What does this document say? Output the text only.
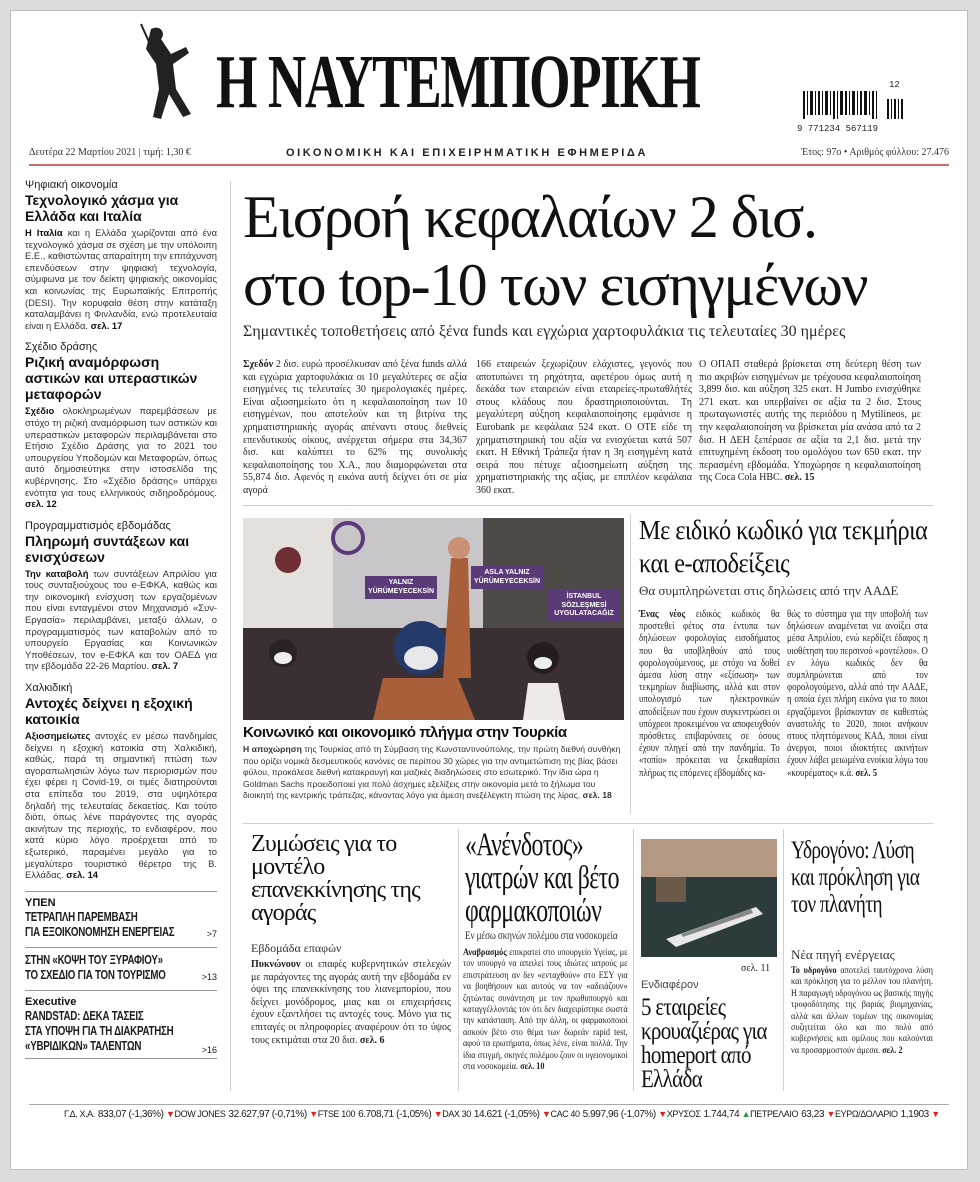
Η ΝΑΥΤΕΜΠΟΡΙΚΗ
9 771234 567119
12
Δευτέρα 22 Μαρτίου 2021 | τιμή: 1,30 €	ΟΙΚΟΝΟΜΙΚΗ ΚΑΙ ΕΠΙΧΕΙΡΗΜΑΤΙΚΗ ΕΦΗΜΕΡΙΔΑ	Έτος: 97ο • Αριθμός φύλλου: 27.476
Ψηφιακή οικονομία
Τεχνολογικό χάσμα για Ελλάδα και Ιταλία
Η Ιταλία και η Ελλάδα χωρίζονται από ένα τεχνολογικό χάσμα σε σχέση με την υπόλοιπη Ε.Ε., καθιστώντας απαραίτητη την επιτάχυνση επενδύσεων στην ψηφιακή τεχνολογία, σύμφωνα με τον δείκτη ψηφιακής οικονομίας και κοινωνίας της Ευρωπαϊκής Επιτροπής (DESI). Την κορυφαία θέση στην κατάταξη καταλαμβάνει η Φινλανδία, ενώ προτελευταία είναι η Ελλάδα. σελ. 17
Σχέδιο δράσης
Ριζική αναμόρφωση αστικών και υπεραστικών μεταφορών
Σχέδιο ολοκληρωμένων παρεμβάσεων με στόχο τη ριζική αναμόρφωση των αστικών και υπεραστικών μεταφορών περιλαμβάνεται στο Ετήσιο Σχέδιο Δράσης για το 2021 του υπουργείου Υποδομών και Μεταφορών, όπως αυτό δημοσιεύτηκε στην ιστοσελίδα της κυβέρνησης. Στο «Σχέδιο δράσης» υπάρχει ενότητα για τους ελληνικούς σιδηροδρόμους. σελ. 12
Προγραμματισμός εβδομάδας
Πληρωμή συντάξεων και ενισχύσεων
Την καταβολή των συντάξεων Απριλίου για τους συνταξιούχους του e-ΕΦΚΑ, καθώς και την οικονομική ενίσχυση των εργαζομένων που είναι ενταγμένοι στον Μηχανισμό «Συν-Εργασία» περιλαμβάνει, μεταξύ άλλων, ο προγραμματισμός των καταβολών από το υπουργείο Εργασίας και Κοινωνικών Υποθέσεων, τον e-ΕΦΚΑ και τον ΟΑΕΔ για την εβδομάδα 22-26 Μαρτίου. σελ. 7
Χαλκιδική
Αντοχές δείχνει η εξοχική κατοικία
Αξιοσημείωτες αντοχές εν μέσω πανδημίας δείχνει η εξοχική κατοικία στη Χαλκιδική, καθώς, παρά τη σημαντική πτώση των αγοραπωλησιών λόγω των περιορισμών που έχει φέρει η Covid-19, οι τιμές διατηρούνται στα επίπεδα του 2019, στα υψηλότερα δηλαδή της τελευταίας δεκαετίας. Και τούτο διότι, όπως λένε παράγοντες της αγοράς ακινήτων της περιοχής, το ενδιαφέρον, που κατά κύριο λόγο προέρχεται από το εξωτερικό, παραμένει μεγάλο για το μεγαλύτερο τουριστικό θέρετρο της Β. Ελλάδας. σελ. 14
ΥΠΕΝ
ΤΕΤΡΑΠΛΗ ΠΑΡΕΜΒΑΣΗ
ΓΙΑ ΕΞΟΙΚΟΝΟΜΗΣΗ ΕΝΕΡΓΕΙΑΣ	>7
ΣΤΗΝ «ΚΟΨΗ ΤΟΥ ΞΥΡΑΦΙΟΥ»
ΤΟ ΣΧΕΔΙΟ ΓΙΑ ΤΟΝ ΤΟΥΡΙΣΜΟ	>13
Executive
RANDSTAD: ΔΕΚΑ ΤΑΣΕΙΣ
ΣΤΑ ΥΠΟΨΗ ΓΙΑ ΤΗ ΔΙΑΚΡΑΤΗΣΗ
«ΥΒΡΙΔΙΚΩΝ» ΤΑΛΕΝΤΩΝ	>16
Εισροή κεφαλαίων 2 δισ.
στο top-10 των εισηγμένων
Σημαντικές τοποθετήσεις από ξένα funds και εγχώρια χαρτοφυλάκια τις τελευταίες 30 ημέρες
Σχεδόν 2 δισ. ευρώ προσέλκυσαν από ξένα funds αλλά και εγχώρια χαρτοφυλάκια οι 10 μεγαλύτερες σε αξία εισηγμένες τις τελευταίες 30 ημερολογιακές ημέρες. Είναι αξιοσημείωτο ότι η κεφαλαιοποίηση των 10 εισηγμένων, που αποτελούν και τη βιτρίνα της χρηματιστηριακής αγοράς απέναντι στους διεθνείς επενδυτικούς οίκους, ανέρχεται σήμερα στα 34,367 δισ. και καλύπτει το 62% της συνολικής κεφαλαιοποίησης του Χ.Α., που διαμορφώνεται στα 55,874 δισ. Αφενός η εικόνα αυτή δείχνει ότι σε μία αγορά
166 εταιρειών ξεχωρίζουν ελάχιστες, γεγονός που αποτυπώνει τη ρηχότητα, αφετέρου όμως αυτή η δεκάδα των εταιρειών είναι εταιρείες-πρωταθλήτές στους κλάδους που δραστηριοποιούνται. Τη μεγαλύτερη αύξηση κεφαλαιοποίησης εμφάνισε η Eurobank με κεφάλαια 524 εκατ. Ο ΟΤΕ είδε τη χρηματιστηριακή του αξία να ενισχύεται κατά 507 εκατ. Η Εθνική Τράπεζα ήταν η 3η εισηγμένη κατά σειρά που πέτυχε αξιοσημείωτη αύξηση της χρηματιστηριακής της αξίας, με επιπλέον κεφάλαια 360 εκατ.
Ο ΟΠΑΠ σταθερά βρίσκεται στη δεύτερη θέση των πιο ακριβών εισηγμένων με τρέχουσα κεφαλαιοποίηση 3,899 δισ. και αύξηση 325 εκατ. Η Jumbo ενισχύθηκε 271 εκατ. και υπερβαίνει σε αξία τα 2 δισ. Στους πρωταγωνιστές αυτής της περιόδου η Mytilineos, με την κεφαλαιοποίηση να βρίσκεται μία ανάσα από τα 2 δισ. Η ΔΕΗ ξεπέρασε σε αξία τα 2,1 δισ. μετά την επιτυχημένη έκδοση του ομολόγου των 650 εκατ. την περασμένη εβδομάδα. Υποχώρησε η κεφαλαιοποίηση της Coca Cola HBC. σελ. 15
YALNIZ YÜRÜMEYECEKSİN
ASLA YALNIZ YÜRÜMEYECEKSİN
İSTANBUL SÖZLEŞMESİ UYGULATACAĞIZ
Κοινωνικό και οικονομικό πλήγμα στην Τουρκία
Η αποχώρηση της Τουρκίας από τη Σύμβαση της Κωνσταντινούπολης, την πρώτη διεθνή συνθήκη που ορίζει νομικά δεσμευτικούς κανόνες σε περίπου 30 χώρες για την αντιμετώπιση της βίας βάσει φύλου, προκάλεσε διεθνή κατακραυγή και μαζικές διαδηλώσεις στο εσωτερικό. Την ίδια ώρα η Goldman Sachs προειδοποιεί για πολύ άσχημες εξελίξεις στην οικονομία μετά το ξήλωμα του διοικητή της κεντρικής τράπεζας, κάνοντας λόγο για άμεση ανεξέλεγκτη πτώση της λίρας. σελ. 18
Με ειδικό κωδικό για τεκμήρια και e-αποδείξεις
Θα συμπληρώνεται στις δηλώσεις από την ΑΑΔΕ
Ένας νέος ειδικός κωδικός θα προστεθεί φέτος στα έντυπα των δηλώσεων φορολογίας εισοδήματος που θα υποβληθούν από τους φορολογούμενους, με στόχο να δοθεί άμεσα λύση στην «εξίσωση» των τεκμηρίων διαβίωσης, αλλά και στον υπολογισμό των ηλεκτρονικών αποδείξεων που έχουν συγκεντρώσει οι υπόχρεοι προκειμένου να αποφευχθούν πρόσθετες επιβαρύνσεις σε όσους έχουν πληγεί από την πανδημία. Το «τοπίο» πρόκειται να ξεκαθαρίσει πλήρως τις επόμενες εβδομάδες κα-
θώς το σύστημα για την υποβολή των δηλώσεων αναμένεται να ανοίξει στα μέσα Απριλίου, ενώ κερδίζει έδαφος η υιοθέτηση του περσινού «μοντέλου». Ο εν λόγω κωδικός δεν θα συμπληρώνεται από τον φορολογούμενο, αλλά από την ΑΑΔΕ, η οποία έχει πλήρη εικόνα για το ποιοι εργαζόμενοι βρίσκονταν σε καθεστώς αναστολής το 2020, ποιοι ανήκουν στους πληττόμενους ΚΑΔ, ποιοι είναι άνεργοι, ποιοι ιδιοκτήτες ακινήτων έχουν λάβει μειωμένα ενοίκια λόγω του «κουρέματος» κ.ά. σελ. 5
Ζυμώσεις για το μοντέλο επανεκκίνησης της αγοράς
Εβδομάδα επαφών
Πυκνώνουν οι επαφές κυβερνητικών στελεχών με παράγοντες της αγοράς αυτή την εβδομάδα εν όψει της επανεκκίνησης του λιανεμπορίου, που δείχνει μονόδρομος, μιας και οι επιχειρήσεις έχουν εξαντλήσει τις αντοχές τους. Μόνο για τις επιταγές οι πληροφορίες αναφέρουν ότι το ύψος τους εκτιμάται στα 20 δισ. σελ. 6
«Ανένδοτος» γιατρών και βέτο φαρμακοποιών
Εν μέσω σκηνών πολέμου στα νοσοκομεία
Αναβρασμός επικρατεί στο υπουργείο Υγείας, με τον υπουργό να απειλεί τους ιδιώτες ιατρούς με επιστράτευση αν δεν «ενταχθούν» στο ΕΣΥ για να βοηθήσουν και αυτούς να τον «αδειάζουν» ζητώντας συνάντηση με τον πρωθυπουργό και καταγγέλλοντάς τον ότι δεν διαχειρίστηκε σωστά την κατάσταση. Από την άλλη, οι φαρμακοποιοί ασκούν βέτο στο θέμα των δωρεάν rapid test, αφού τα ερωτήματα, όπως λένε, είναι πολλά. Την ίδια στιγμή, σκηνές πολέμου ζουν οι υγειονομικοί στα νοσοκομεία. σελ. 10
σελ. 11
Ενδιαφέρον
5 εταιρείες κρουαζιέρας για homeport από Ελλάδα
Υδρογόνο: Λύση και πρόκληση για τον πλανήτη
Νέα πηγή ενέργειας
Το υδρογόνο αποτελεί ταυτόχρονα λύση και πρόκληση για το μέλλον του πλανήτη. Η παραγωγή υδρογόνου ως βασικής πηγής τροφοδότησης της βαριάς βιομηχανίας, αλλά και άλλων τομέων της οικονομίας συζητείται όλο και πιο πολύ από κυβερνήσεις και ομίλους που καλούνται να προσαρμοστούν άμεσα. σελ. 2
Γ.Δ. Χ.Α. 833,07 (-1,36%) ▼ DOW JONES 32.627,97 (-0,71%) ▼ FTSE 100 6.708,71 (-1,05%) ▼ DAX 30 14.621 (-1,05%) ▼ CAC 40 5.997,96 (-1,07%) ▼ ΧΡΥΣΟΣ 1.744,74 ▲ ΠΕΤΡΕΛΑΙΟ 63,23 ▼ ΕΥΡΩ/ΔΟΛΑΡΙΟ 1,1903 ▼
